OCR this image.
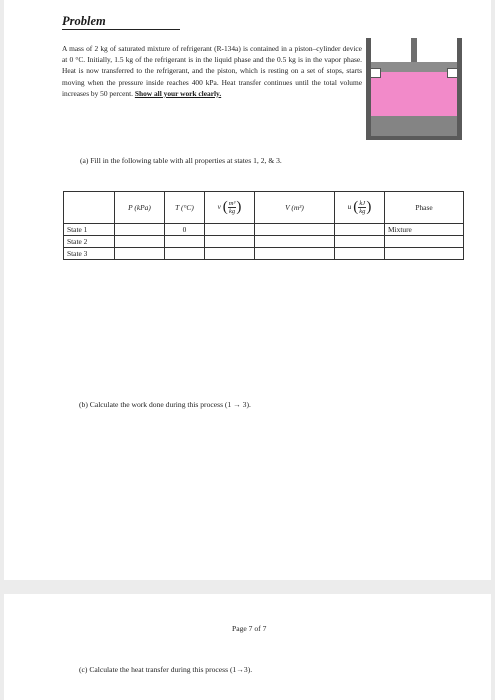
Problem
A mass of 2 kg of saturated mixture of refrigerant (R-134a) is contained in a piston–cylinder device at 0 °C. Initially, 1.5 kg of the refrigerant is in the liquid phase and the 0.5 kg is in the vapor phase. Heat is now transferred to the refrigerant, and the piston, which is resting on a set of stops, starts moving when the pressure inside reaches 400 kPa. Heat transfer continues until the total volume increases by 50 percent. Show all your work clearly.
(a) Fill in the following table with all properties at states 1, 2, & 3.
	P (kPa)	T (°C)	v ( $\frac{\text{m³}}{kg}$ )	V (m³)	u ( $\frac{kJ}{kg}$ )	Phase
State 1		0				Mixture
State 2						
State 3						
(b) Calculate the work done during this process (1 → 3).
Page 7 of 7
(c) Calculate the heat transfer during this process (1→3).
